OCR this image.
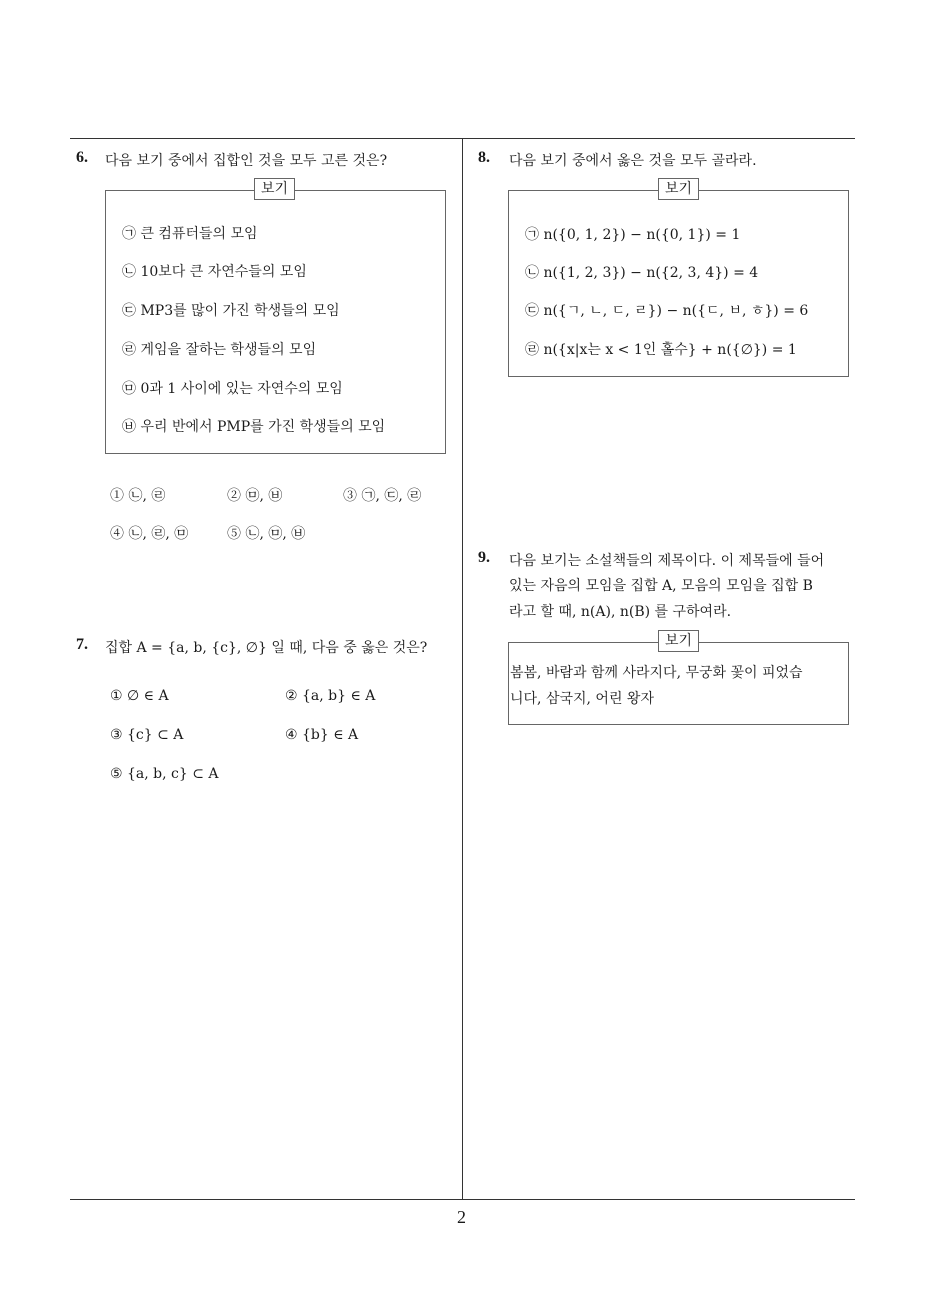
2
6. 다음 보기 중에서 집합인 것을 모두 고른 것은?
보기
㉠ 큰 컴퓨터들의 모임
㉡ 10보다 큰 자연수들의 모임
㉢ MP3를 많이 가진 학생들의 모임
㉣ 게임을 잘하는 학생들의 모임
㉤ 0과 1 사이에 있는 자연수의 모임
㉥ 우리 반에서 PMP를 가진 학생들의 모임
① ㉡, ㉣	② ㉤, ㉥	③ ㉠, ㉢, ㉣
④ ㉡, ㉣, ㉤	⑤ ㉡, ㉤, ㉥
7. 집합 A = {a, b, {c}, ∅} 일 때, 다음 중 옳은 것은?
① ∅ ∈ A	② {a, b} ∈ A
③ {c} ⊂ A	④ {b} ∈ A
⑤ {a, b, c} ⊂ A
8. 다음 보기 중에서 옳은 것을 모두 골라라.
보기
㉠ n({0, 1, 2}) − n({0, 1}) = 1
㉡ n({1, 2, 3}) − n({2, 3, 4}) = 4
㉢ n({ㄱ, ㄴ, ㄷ, ㄹ}) − n({ㄷ, ㅂ, ㅎ}) = 6
㉣ n({x|x는 x < 1인 홀수} + n({∅}) = 1
9. 다음 보기는 소설책들의 제목이다. 이 제목들에 들어
있는 자음의 모임을 집합 A, 모음의 모임을 집합 B
라고 할 때, n(A), n(B) 를 구하여라.
보기
봄봄, 바람과 함께 사라지다, 무궁화 꽃이 피었습
니다, 삼국지, 어린 왕자
